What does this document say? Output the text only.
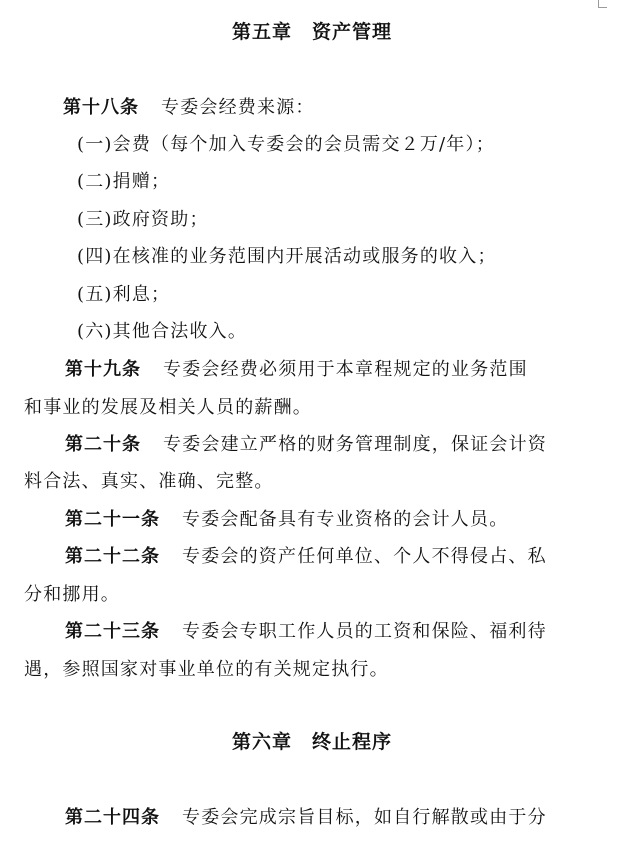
第五章　资产管理
第十八条 专委会经费来源：
(一)会费（每个加入专委会的会员需交２万/年）；
(二)捐赠；
(三)政府资助；
(四)在核准的业务范围内开展活动或服务的收入；
(五)利息；
(六)其他合法收入。
第十九条 专委会经费必须用于本章程规定的业务范围
和事业的发展及相关人员的薪酬。
第二十条 专委会建立严格的财务管理制度，保证会计资
料合法、真实、准确、完整。
第二十一条 专委会配备具有专业资格的会计人员。
第二十二条 专委会的资产任何单位、个人不得侵占、私
分和挪用。
第二十三条 专委会专职工作人员的工资和保险、福利待
遇，参照国家对事业单位的有关规定执行。
第六章　终止程序
第二十四条 专委会完成宗旨目标，如自行解散或由于分
